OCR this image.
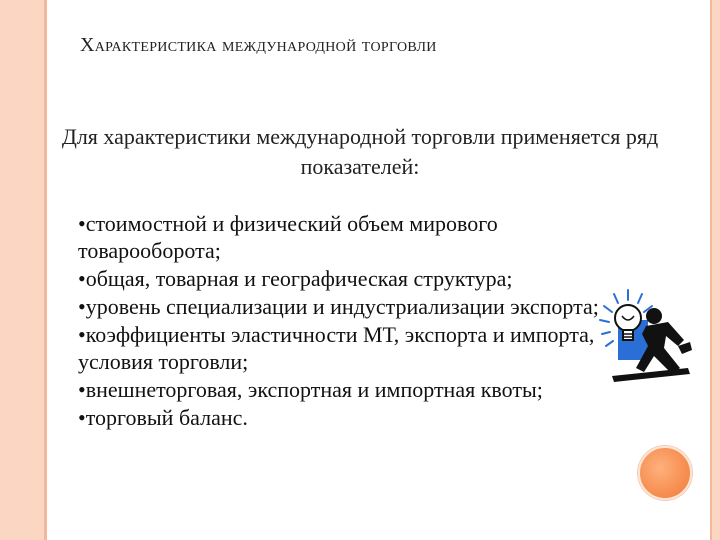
Характеристика международной торговли
Для характеристики международной торговли применяется ряд показателей:
•стоимостной и физический объем мирового товарооборота;
•общая, товарная и географическая структура;
•уровень специализации и индустриализации экспорта;
•коэффициенты эластичности МТ, экспорта и импорта, условия торговли;
•внешнеторговая, экспортная и импортная квоты;
•торговый баланс.
